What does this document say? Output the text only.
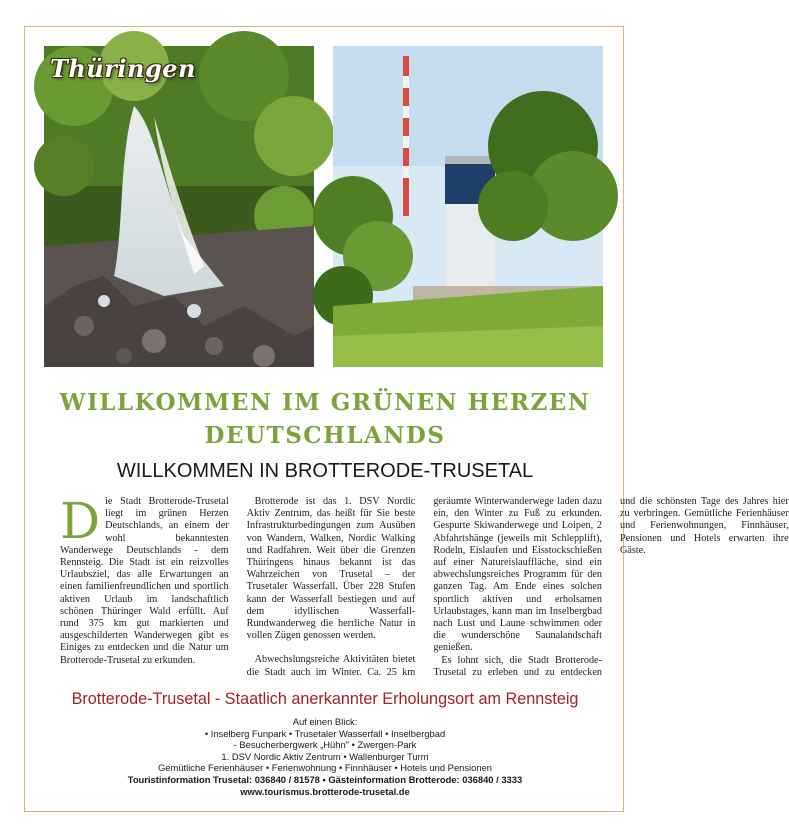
Thüringen
WILLKOMMEN IM GRÜNEN HERZEN
DEUTSCHLANDS
WILLKOMMEN IN BROTTERODE-TRUSETAL

Die Stadt Brotterode-Trusetal liegt im grünen Herzen Deutschlands, an einem der wohl bekanntesten Wanderwege Deutschlands - dem Rennsteig. Die Stadt ist ein reizvolles Urlaubsziel, das alle Erwartungen an einen familienfreundlichen und sportlich aktiven Urlaub im landschaftlich schönen Thüringer Wald erfüllt. Auf rund 375 km gut markierten und ausgeschilderten Wanderwegen gibt es Einiges zu entdecken und die Natur um Brotterode-Trusetal zu erkunden.

Brotterode ist das 1. DSV Nordic Aktiv Zentrum, das heißt für Sie beste Infrastrukturbedingungen zum Ausüben von Wandern, Walken, Nordic Walking und Radfahren. Weit über die Grenzen Thüringens hinaus bekannt ist das Wahrzeichen von Trusetal – der Trusetaler Wasserfall. Über 228 Stufen kann der Wasserfall bestiegen und auf dem idyllischen Wasserfall-Rundwanderweg die herrliche Natur in vollen Zügen genossen werden.

Abwechslungsreiche Aktivitäten bietet die Stadt auch im Winter. Ca. 25 km geräumte Winterwanderwege laden dazu ein, den Winter zu Fuß zu erkunden. Gespurte Skiwanderwege und Loipen, 2 Abfahrtshänge (jeweils mit Schlepplift), Rodeln, Eislaufen und Eisstockschießen auf einer Natureislauffläche, sind ein abwechslungsreiches Programm für den ganzen Tag. Am Ende eines solchen sportlich aktiven und erholsamen Urlaubstages, kann man im Inselbergbad nach Lust und Laune schwimmen oder die wunderschöne Saunalandschaft genießen.

Es lohnt sich, die Stadt Brotterode-Trusetal zu erleben und zu entdecken und die schönsten Tage des Jahres hier zu verbringen. Gemütliche Ferienhäuser und Ferienwohnungen, Finnhäuser, Pensionen und Hotels erwarten ihre Gäste.

Brotterode-Trusetal - Staatlich anerkannter Erholungsort am Rennsteig
Auf einen Blick:
• Inselberg Funpark • Trusetaler Wasserfall • Inselbergbad
- Besucherbergwerk „Hühn" • Zwergen-Park
1. DSV Nordic Aktiv Zentrum • Wallenburger Turm
Gemütliche Ferienhäuser • Ferienwohnung • Finnhäuser • Hotels und Pensionen
Touristinformation Trusetal: 036840 / 81578 • Gästeinformation Brotterode: 036840 / 3333
www.tourismus.brotterode-trusetal.de
